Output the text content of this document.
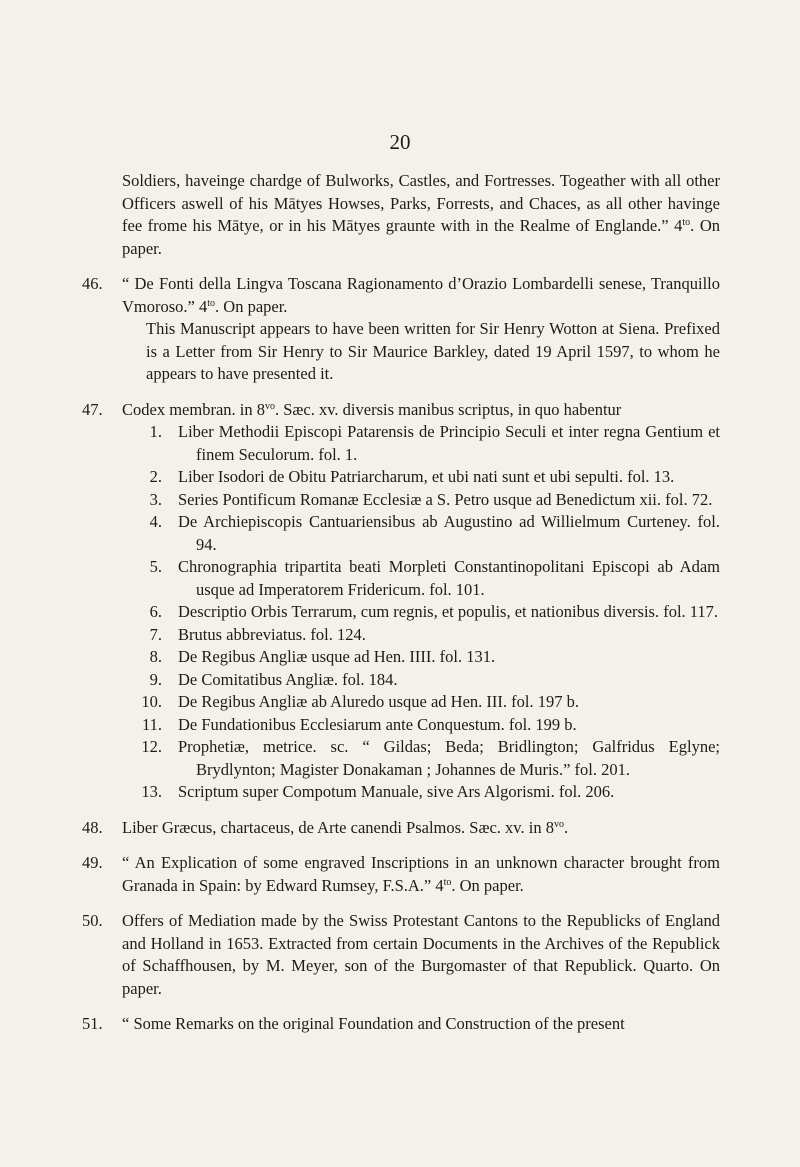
20

Soldiers, haveinge chardge of Bulworks, Castles, and Fortresses. Togeather with all other Officers aswell of his Mātyes Howses, Parks, Forrests, and Chaces, as all other havinge fee frome his Mātye, or in his Mātyes graunte with in the Realme of Englande.” $4^{to}$. On paper.

46.	“ De Fonti della Lingva Toscana Ragionamento d’Orazio Lombardelli senese, Tranquillo Vmoroso.” $4^{to}$. On paper.

This Manuscript appears to have been written for Sir Henry Wotton at Siena. Prefixed is a Letter from Sir Henry to Sir Maurice Barkley, dated 19 April 1597, to whom he appears to have presented it.

47.	Codex membran. in $8^{vo}$. Sæc. xv. diversis manibus scriptus, in quo habentur

1. Liber Methodii Episcopi Patarensis de Principio Seculi et inter regna Gentium et finem Seculorum. fol. 1.
2. Liber Isodori de Obitu Patriarcharum, et ubi nati sunt et ubi sepulti. fol. 13.
3. Series Pontificum Romanæ Ecclesiæ a S. Petro usque ad Benedictum xii. fol. 72.
4. De Archiepiscopis Cantuariensibus ab Augustino ad Willielmum Curteney. fol. 94.
5. Chronographia tripartita beati Morpleti Constantinopolitani Episcopi ab Adam usque ad Imperatorem Fridericum. fol. 101.
6. Descriptio Orbis Terrarum, cum regnis, et populis, et nationibus diversis. fol. 117.
7. Brutus abbreviatus. fol. 124.
8. De Regibus Angliæ usque ad Hen. IIII. fol. 131.
9. De Comitatibus Angliæ. fol. 184.
10. De Regibus Angliæ ab Aluredo usque ad Hen. III. fol. 197 b.
11. De Fundationibus Ecclesiarum ante Conquestum. fol. 199 b.
12. Prophetiæ, metrice. sc. “ Gildas; Beda; Bridlington; Galfridus Eglyne; Brydlynton; Magister Donakaman ; Johannes de Muris.” fol. 201.
13. Scriptum super Compotum Manuale, sive Ars Algorismi. fol. 206.
48.	Liber Græcus, chartaceus, de Arte canendi Psalmos. Sæc. xv. in $8^{vo}$.

49.	“ An Explication of some engraved Inscriptions in an unknown character brought from Granada in Spain: by Edward Rumsey, F.S.A.” $4^{to}$. On paper.

50.	Offers of Mediation made by the Swiss Protestant Cantons to the Republicks of England and Holland in 1653. Extracted from certain Documents in the Archives of the Republick of Schaffhousen, by M. Meyer, son of the Burgomaster of that Republick. Quarto. On paper.

51.	“ Some Remarks on the original Foundation and Construction of the present
